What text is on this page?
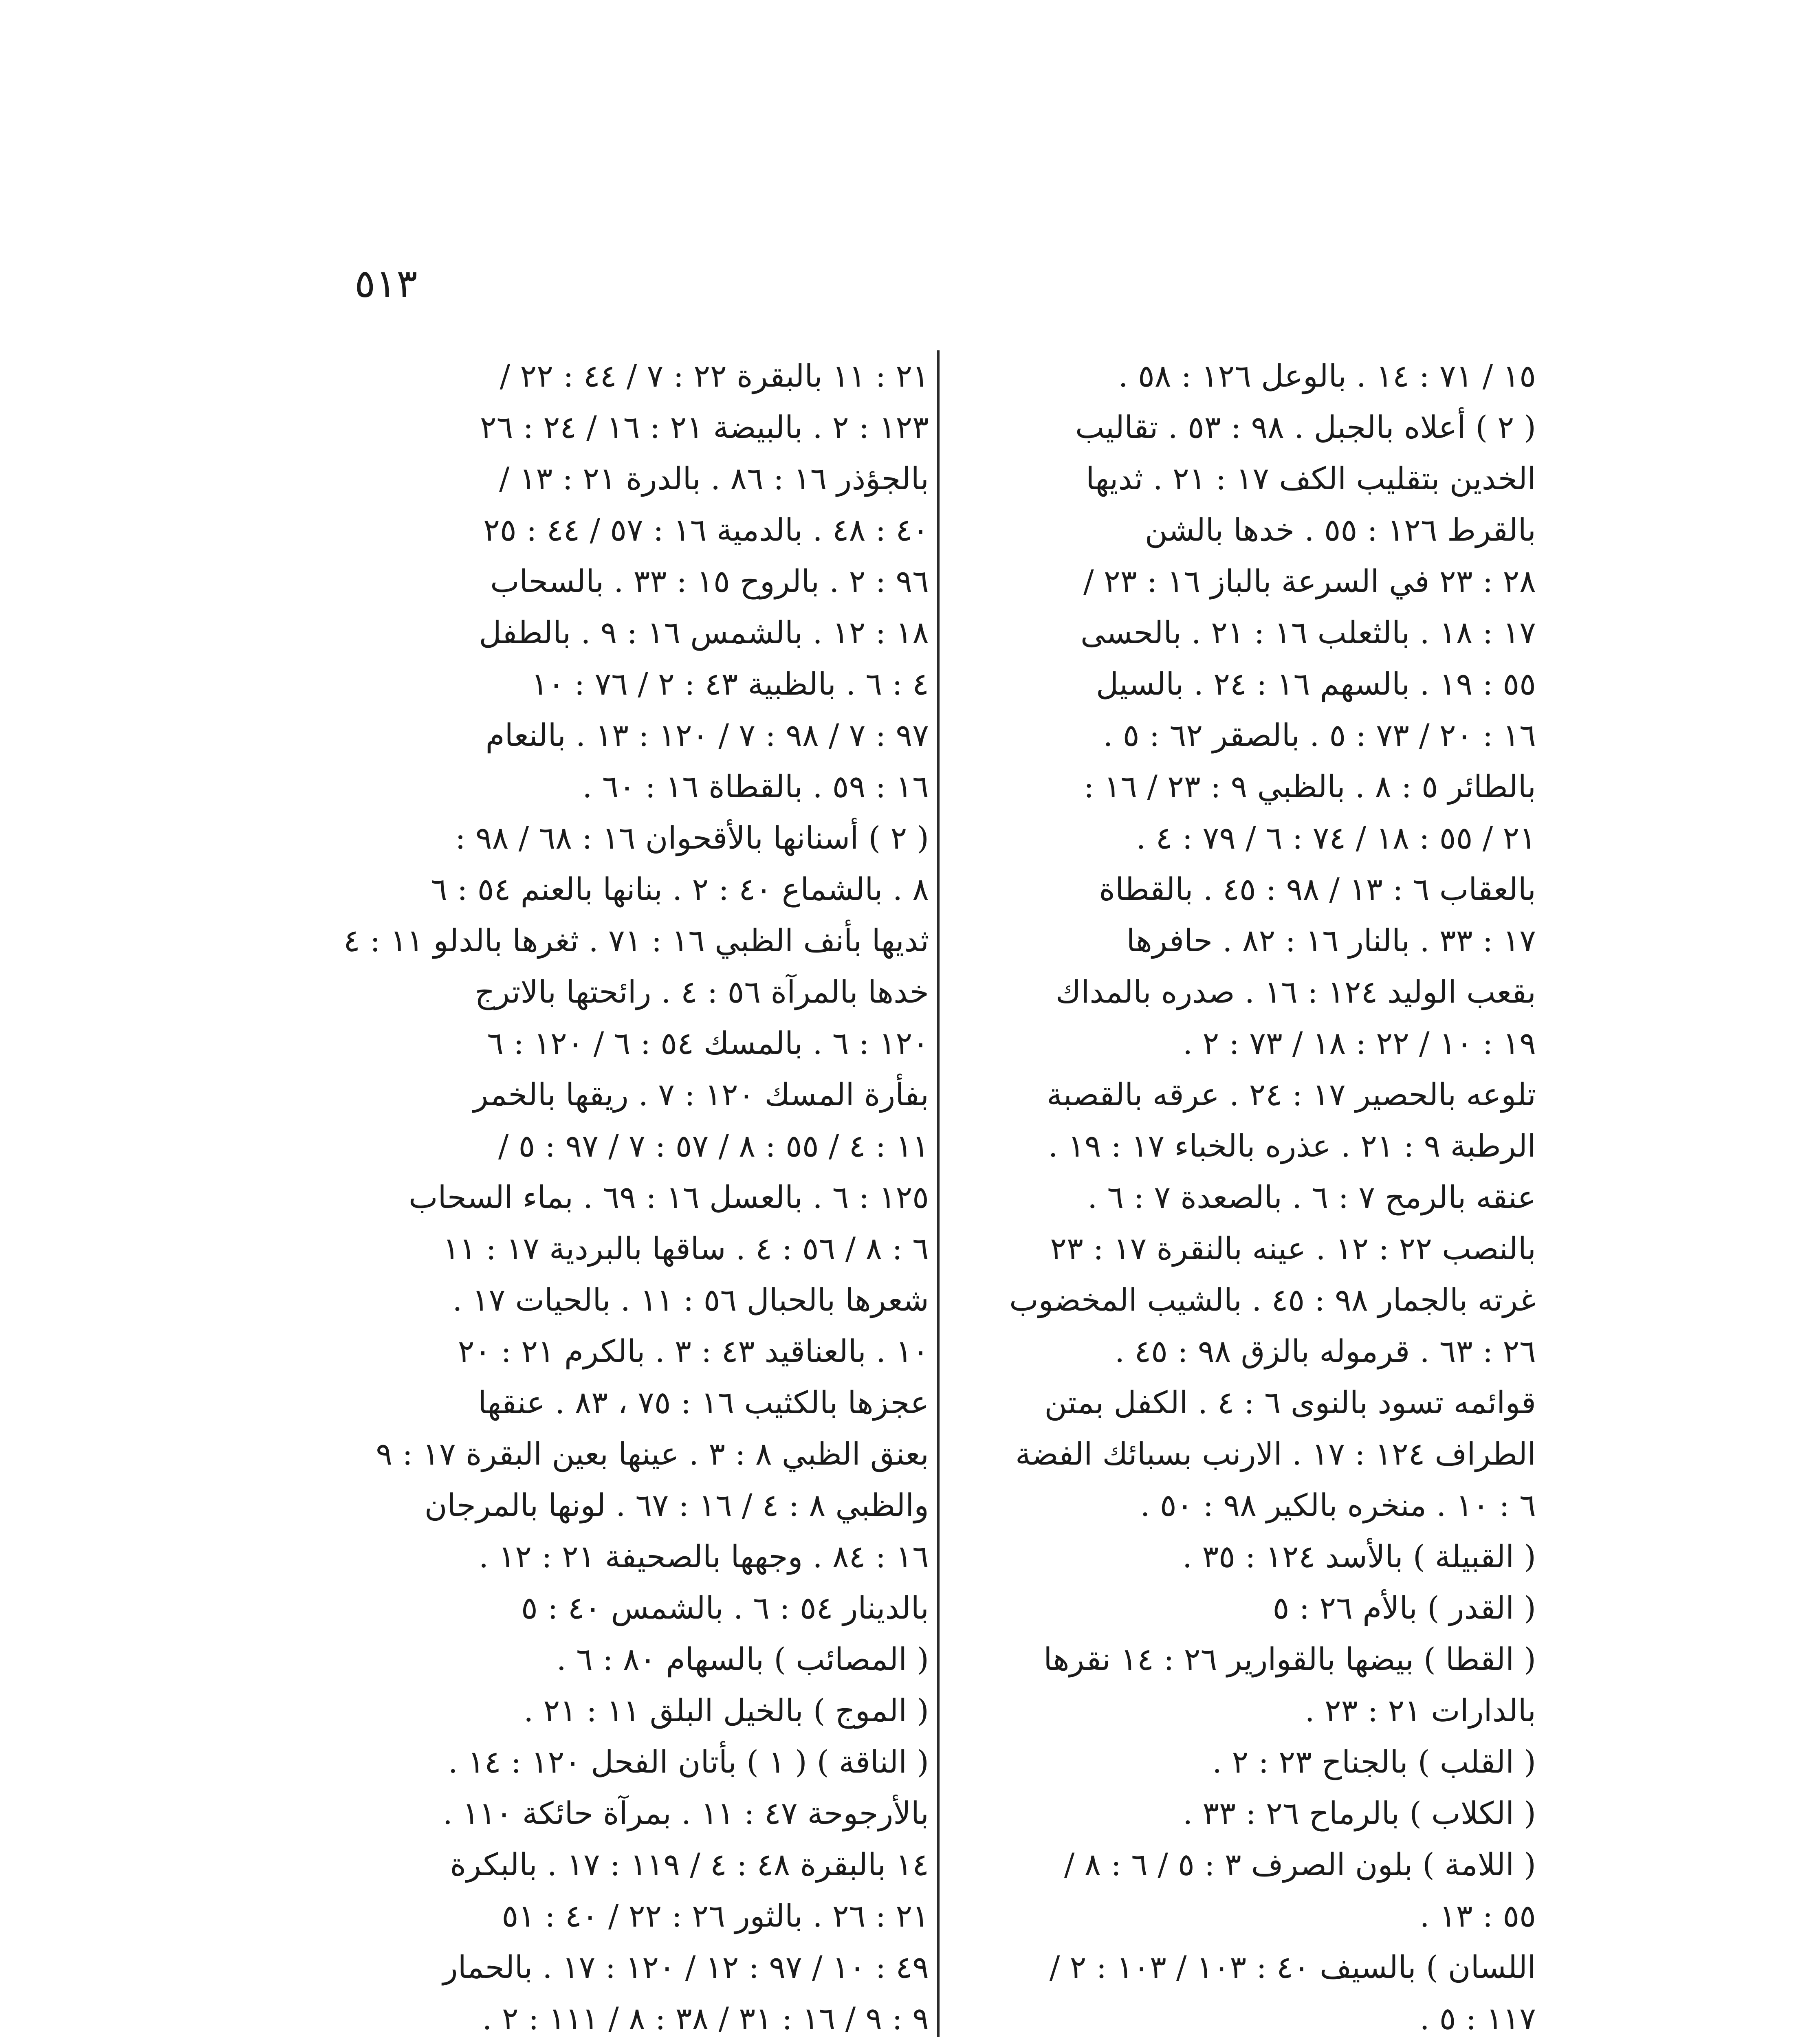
٥١٣
١٥ / ٧١ : ١٤ . بالوعل ١٢٦ : ٥٨ .
( ٢ ) أعلاه بالجبل . ٩٨ : ٥٣ . تقاليب
الخدين بتقليب الكف ١٧ : ٢١ . ثديها
بالقرط ١٢٦ : ٥٥ . خدها بالشن
٢٨ : ٢٣ في السرعة بالباز ١٦ : ٢٣ /
١٧ : ١٨ . بالثعلب ١٦ : ٢١ . بالحسى
٥٥ : ١٩ . بالسهم ١٦ : ٢٤ . بالسيل
١٦ : ٢٠ / ٧٣ : ٥ . بالصقر ٦٢ : ٥ .
بالطائر ٥ : ٨ . بالظبي ٩ : ٢٣ / ١٦ :
٢١ / ٥٥ : ١٨ / ٧٤ : ٦ / ٧٩ : ٤ .
بالعقاب ٦ : ١٣ / ٩٨ : ٤٥ . بالقطاة
١٧ : ٣٣ . بالنار ١٦ : ٨٢ . حافرها
بقعب الوليد ١٢٤ : ١٦ . صدره بالمداك
١٩ : ١٠ / ٢٢ : ١٨ / ٧٣ : ٢ .
تلوعه بالحصير ١٧ : ٢٤ . عرقه بالقصبة
الرطبة ٩ : ٢١ . عذره بالخباء ١٧ : ١٩ .
عنقه بالرمح ٧ : ٦ . بالصعدة ٧ : ٦ .
بالنصب ٢٢ : ١٢ . عينه بالنقرة ١٧ : ٢٣
غرته بالجمار ٩٨ : ٤٥ . بالشيب المخضوب
٢٦ : ٦٣ . قرموله بالزق ٩٨ : ٤٥ .
قوائمه تسود بالنوى ٦ : ٤ . الكفل بمتن
الطراف ١٢٤ : ١٧ . الارنب بسبائك الفضة
٦ : ١٠ . منخره بالكير ٩٨ : ٥٠ .
( القبيلة ) بالأسد ١٢٤ : ٣٥ .
( القدر ) بالأم ٢٦ : ٥
( القطا ) بيضها بالقوارير ٢٦ : ١٤ نقرها
بالدارات ٢١ : ٢٣ .
( القلب ) بالجناح ٢٣ : ٢ .
( الكلاب ) بالرماح ٢٦ : ٣٣ .
( اللامة ) بلون الصرف ٣ : ٥ / ٦ : ٨ /
٥٥ : ١٣ .
اللسان ) بالسيف ٤٠ : ١٠٣ / ١٠٣ : ٢ /
١١٧ : ٥ .
٢١ : ١١ بالبقرة ٢٢ : ٧ / ٤٤ : ٢٢ /
١٢٣ : ٢ . بالبيضة ٢١ : ١٦ / ٢٤ : ٢٦
بالجؤذر ١٦ : ٨٦ . بالدرة ٢١ : ١٣ /
٤٠ : ٤٨ . بالدمية ١٦ : ٥٧ / ٤٤ : ٢٥
٩٦ : ٢ . بالروح ١٥ : ٣٣ . بالسحاب
١٨ : ١٢ . بالشمس ١٦ : ٩ . بالطفل
٤ : ٦ . بالظبية ٤٣ : ٢ / ٧٦ : ١٠
٩٧ : ٧ / ٩٨ : ٧ / ١٢٠ : ١٣ . بالنعام
١٦ : ٥٩ . بالقطاة ١٦ : ٦٠ .
( ٢ ) أسنانها بالأقحوان ١٦ : ٦٨ / ٩٨ :
٨ . بالشماع ٤٠ : ٢ . بنانها بالعنم ٥٤ : ٦
ثديها بأنف الظبي ١٦ : ٧١ . ثغرها بالدلو ١١ : ٤
خدها بالمرآة ٥٦ : ٤ . رائحتها بالاترج
١٢٠ : ٦ . بالمسك ٥٤ : ٦ / ١٢٠ : ٦
بفأرة المسك ١٢٠ : ٧ . ريقها بالخمر
١١ : ٤ / ٥٥ : ٨ / ٥٧ : ٧ / ٩٧ : ٥ /
١٢٥ : ٦ . بالعسل ١٦ : ٦٩ . بماء السحاب
٦ : ٨ / ٥٦ : ٤ . ساقها بالبردية ١٧ : ١١
شعرها بالحبال ٥٦ : ١١ . بالحيات ١٧ .
١٠ . بالعناقيد ٤٣ : ٣ . بالكرم ٢١ : ٢٠
عجزها بالكثيب ١٦ : ٧٥ ، ٨٣ . عنقها
بعنق الظبي ٨ : ٣ . عينها بعين البقرة ١٧ : ٩
والظبي ٨ : ٤ / ١٦ : ٦٧ . لونها بالمرجان
١٦ : ٨٤ . وجهها بالصحيفة ٢١ : ١٢ .
بالدينار ٥٤ : ٦ . بالشمس ٤٠ : ٥
( المصائب ) بالسهام ٨٠ : ٦ .
( الموج ) بالخيل البلق ١١ : ٢١ .
( الناقة ) ( ١ ) بأتان الفحل ١٢٠ : ١٤ .
بالأرجوحة ٤٧ : ١١ . بمرآة حائكة ١١٠ .
١٤ بالبقرة ٤٨ : ٤ / ١١٩ : ١٧ . بالبكرة
٢١ : ٢٦ . بالثور ٢٦ : ٢٢ / ٤٠ : ٥١
٤٩ : ١٠ / ٩٧ : ١٢ / ١٢٠ : ١٧ . بالحمار
٩ : ٩ / ١٦ : ٣١ / ٣٨ : ٨ / ١١١ : ٢ .
